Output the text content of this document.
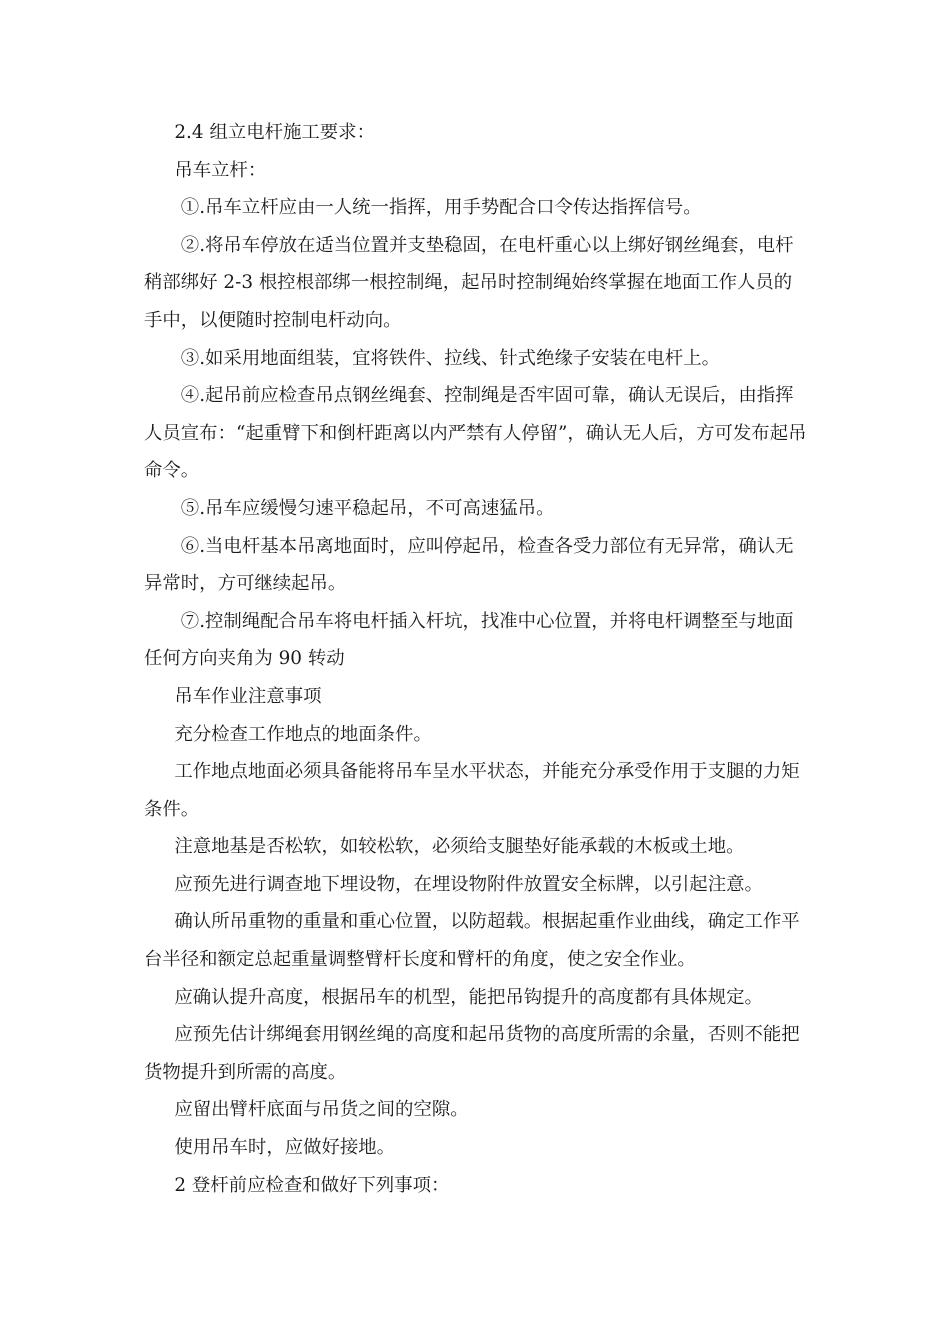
2.4 组立电杆施工要求：

吊车立杆：

①.吊车立杆应由一人统一指挥，用手势配合口令传达指挥信号。

②.将吊车停放在适当位置并支垫稳固，在电杆重心以上绑好钢丝绳套，电杆稍部绑好 2-3 根控根部绑一根控制绳，起吊时控制绳始终掌握在地面工作人员的手中，以便随时控制电杆动向。

③.如采用地面组装，宜将铁件、拉线、针式绝缘子安装在电杆上。

④.起吊前应检查吊点钢丝绳套、控制绳是否牢固可靠，确认无误后，由指挥人员宣布：“起重臂下和倒杆距离以内严禁有人停留”，确认无人后，方可发布起吊命令。

⑤.吊车应缓慢匀速平稳起吊，不可高速猛吊。

⑥.当电杆基本吊离地面时，应叫停起吊，检查各受力部位有无异常，确认无异常时，方可继续起吊。

⑦.控制绳配合吊车将电杆插入杆坑，找准中心位置，并将电杆调整至与地面任何方向夹角为 90 转动

吊车作业注意事项

充分检查工作地点的地面条件。

工作地点地面必须具备能将吊车呈水平状态，并能充分承受作用于支腿的力矩条件。

注意地基是否松软，如较松软，必须给支腿垫好能承载的木板或土地。

应预先进行调查地下埋设物，在埋设物附件放置安全标牌，以引起注意。

确认所吊重物的重量和重心位置，以防超载。根据起重作业曲线，确定工作平台半径和额定总起重量调整臂杆长度和臂杆的角度，使之安全作业。

应确认提升高度，根据吊车的机型，能把吊钩提升的高度都有具体规定。

应预先估计绑绳套用钢丝绳的高度和起吊货物的高度所需的余量，否则不能把货物提升到所需的高度。

应留出臂杆底面与吊货之间的空隙。

使用吊车时，应做好接地。

2 登杆前应检查和做好下列事项：
